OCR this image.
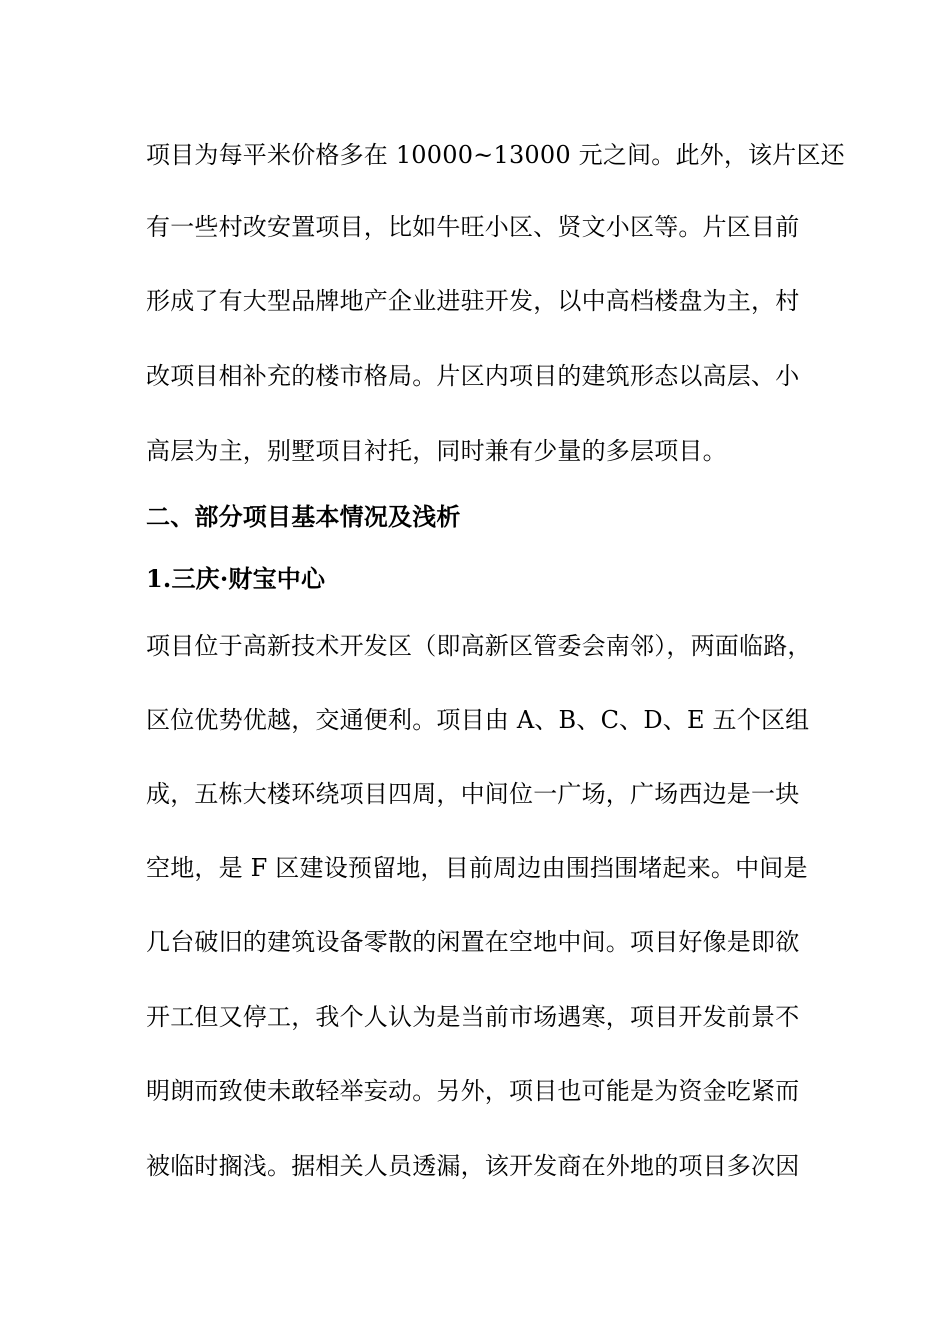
项目为每平米价格多在 10000~13000 元之间。此外，该片区还
有一些村改安置项目，比如牛旺小区、贤文小区等。片区目前
形成了有大型品牌地产企业进驻开发，以中高档楼盘为主，村
改项目相补充的楼市格局。片区内项目的建筑形态以高层、小
高层为主，别墅项目衬托，同时兼有少量的多层项目。
二、部分项目基本情况及浅析
1.三庆·财宝中心
项目位于高新技术开发区（即高新区管委会南邻），两面临路，
区位优势优越，交通便利。项目由 A、B、C、D、E 五个区组
成，五栋大楼环绕项目四周，中间位一广场，广场西边是一块
空地，是 F 区建设预留地，目前周边由围挡围堵起来。中间是
几台破旧的建筑设备零散的闲置在空地中间。项目好像是即欲
开工但又停工，我个人认为是当前市场遇寒，项目开发前景不
明朗而致使未敢轻举妄动。另外，项目也可能是为资金吃紧而
被临时搁浅。据相关人员透漏，该开发商在外地的项目多次因
